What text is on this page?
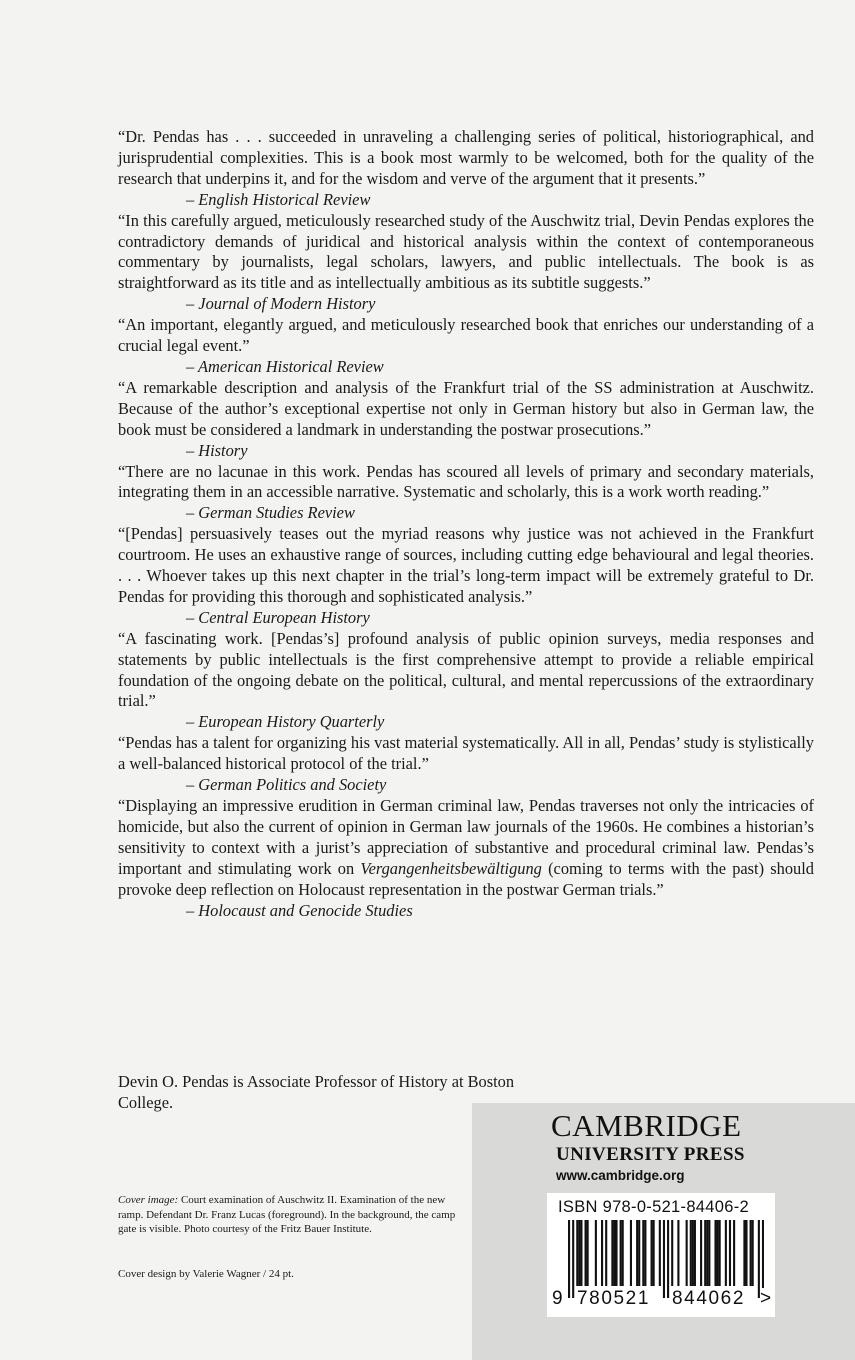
“Dr. Pendas has . . . succeeded in unraveling a challenging series of political, historiographical, and jurisprudential complexities. This is a book most warmly to be welcomed, both for the quality of the research that underpins it, and for the wisdom and verve of the argument that it presents.”

– English Historical Review

“In this carefully argued, meticulously researched study of the Auschwitz trial, Devin Pendas explores the contradictory demands of juridical and historical analysis within the context of contemporaneous commentary by journalists, legal scholars, lawyers, and public intellectuals. The book is as straightforward as its title and as intellectually ambitious as its subtitle suggests.”

– Journal of Modern History

“An important, elegantly argued, and meticulously researched book that enriches our understanding of a crucial legal event.”

– American Historical Review

“A remarkable description and analysis of the Frankfurt trial of the SS administration at Auschwitz. Because of the author’s exceptional expertise not only in German history but also in German law, the book must be considered a landmark in understanding the postwar prosecutions.”

– History

“There are no lacunae in this work. Pendas has scoured all levels of primary and secondary materials, integrating them in an accessible narrative. Systematic and scholarly, this is a work worth reading.”

– German Studies Review

“[Pendas] persuasively teases out the myriad reasons why justice was not achieved in the Frankfurt courtroom. He uses an exhaustive range of sources, including cutting edge behavioural and legal theories. . . . Whoever takes up this next chapter in the trial’s long-term impact will be extremely grateful to Dr. Pendas for providing this thorough and sophisticated analysis.”

– Central European History

“A fascinating work. [Pendas’s] profound analysis of public opinion surveys, media responses and statements by public intellectuals is the first comprehensive attempt to provide a reliable empirical foundation of the ongoing debate on the political, cultural, and mental repercussions of the extraordinary trial.”

– European History Quarterly

“Pendas has a talent for organizing his vast material systematically. All in all, Pendas’ study is stylistically a well-balanced historical protocol of the trial.”

– German Politics and Society

“Displaying an impressive erudition in German criminal law, Pendas traverses not only the intricacies of homicide, but also the current of opinion in German law journals of the 1960s. He combines a historian’s sensitivity to context with a jurist’s appreciation of substantive and procedural criminal law. Pendas’s important and stimulating work on Vergangenheitsbewältigung (coming to terms with the past) should provoke deep reflection on Holocaust representation in the postwar German trials.”

– Holocaust and Genocide Studies

Devin O. Pendas is Associate Professor of History at Boston College.
Cover image: Court examination of Auschwitz II. Examination of the new ramp. Defendant Dr. Franz Lucas (foreground). In the background, the camp gate is visible. Photo courtesy of the Fritz Bauer Institute.
Cover design by Valerie Wagner / 24 pt.
CAMBRIDGE
UNIVERSITY PRESS
www.cambridge.org
ISBN 978-0-521-84406-2
9 780521 844062 >
